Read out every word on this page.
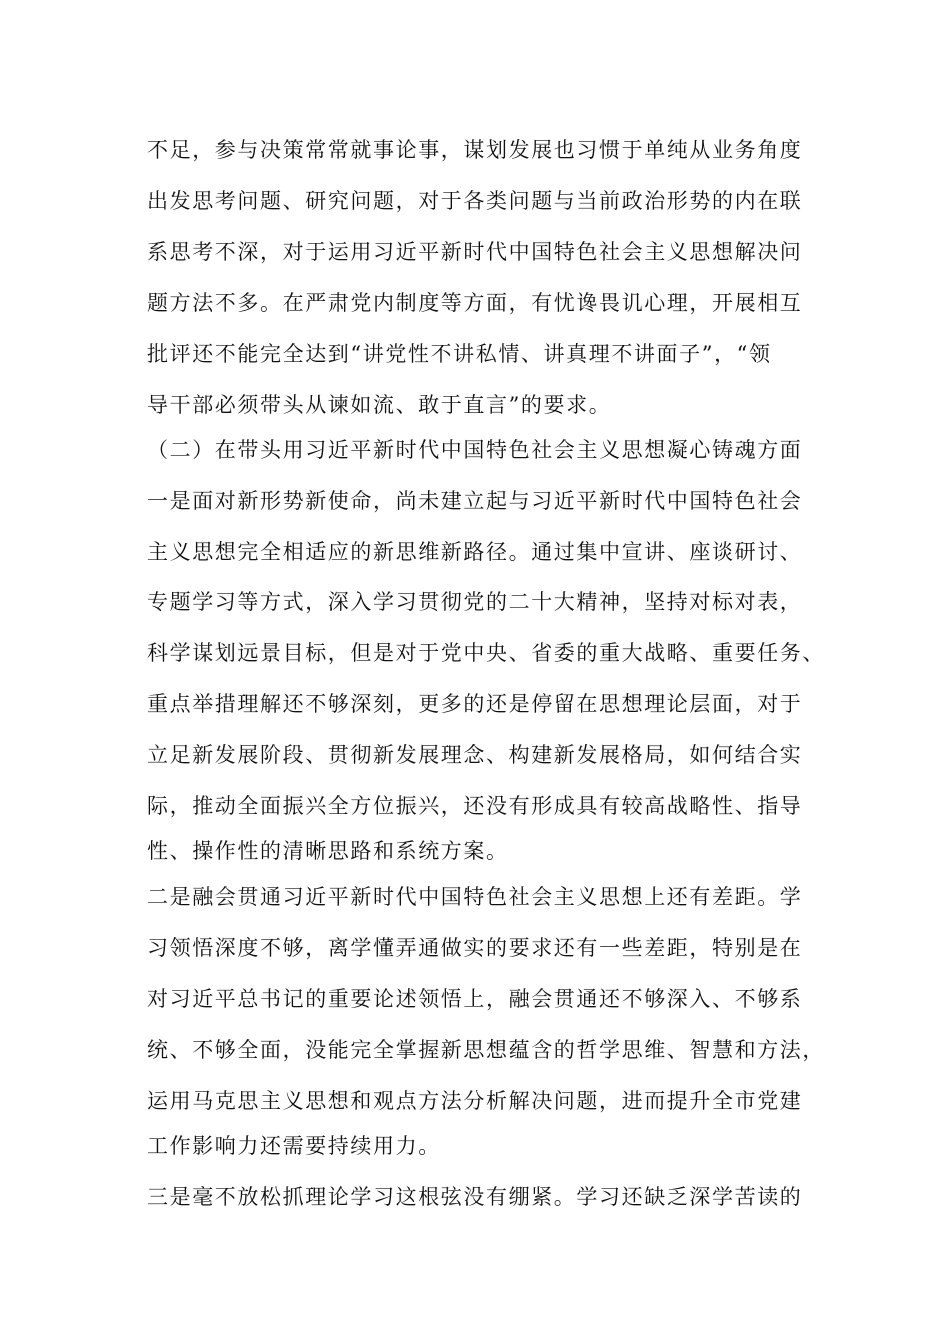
不足，参与决策常常就事论事，谋划发展也习惯于单纯从业务角度
出发思考问题、研究问题，对于各类问题与当前政治形势的内在联
系思考不深，对于运用习近平新时代中国特色社会主义思想解决问
题方法不多。在严肃党内制度等方面，有忧谗畏讥心理，开展相互
批评还不能完全达到“讲党性不讲私情、讲真理不讲面子”，“领
导干部必须带头从谏如流、敢于直言”的要求。
（二）在带头用习近平新时代中国特色社会主义思想凝心铸魂方面
一是面对新形势新使命，尚未建立起与习近平新时代中国特色社会
主义思想完全相适应的新思维新路径。通过集中宣讲、座谈研讨、
专题学习等方式，深入学习贯彻党的二十大精神，坚持对标对表，
科学谋划远景目标，但是对于党中央、省委的重大战略、重要任务、
重点举措理解还不够深刻，更多的还是停留在思想理论层面，对于
立足新发展阶段、贯彻新发展理念、构建新发展格局，如何结合实
际，推动全面振兴全方位振兴，还没有形成具有较高战略性、指导
性、操作性的清晰思路和系统方案。
二是融会贯通习近平新时代中国特色社会主义思想上还有差距。学
习领悟深度不够，离学懂弄通做实的要求还有一些差距，特别是在
对习近平总书记的重要论述领悟上，融会贯通还不够深入、不够系
统、不够全面，没能完全掌握新思想蕴含的哲学思维、智慧和方法，
运用马克思主义思想和观点方法分析解决问题，进而提升全市党建
工作影响力还需要持续用力。
三是毫不放松抓理论学习这根弦没有绷紧。学习还缺乏深学苦读的
